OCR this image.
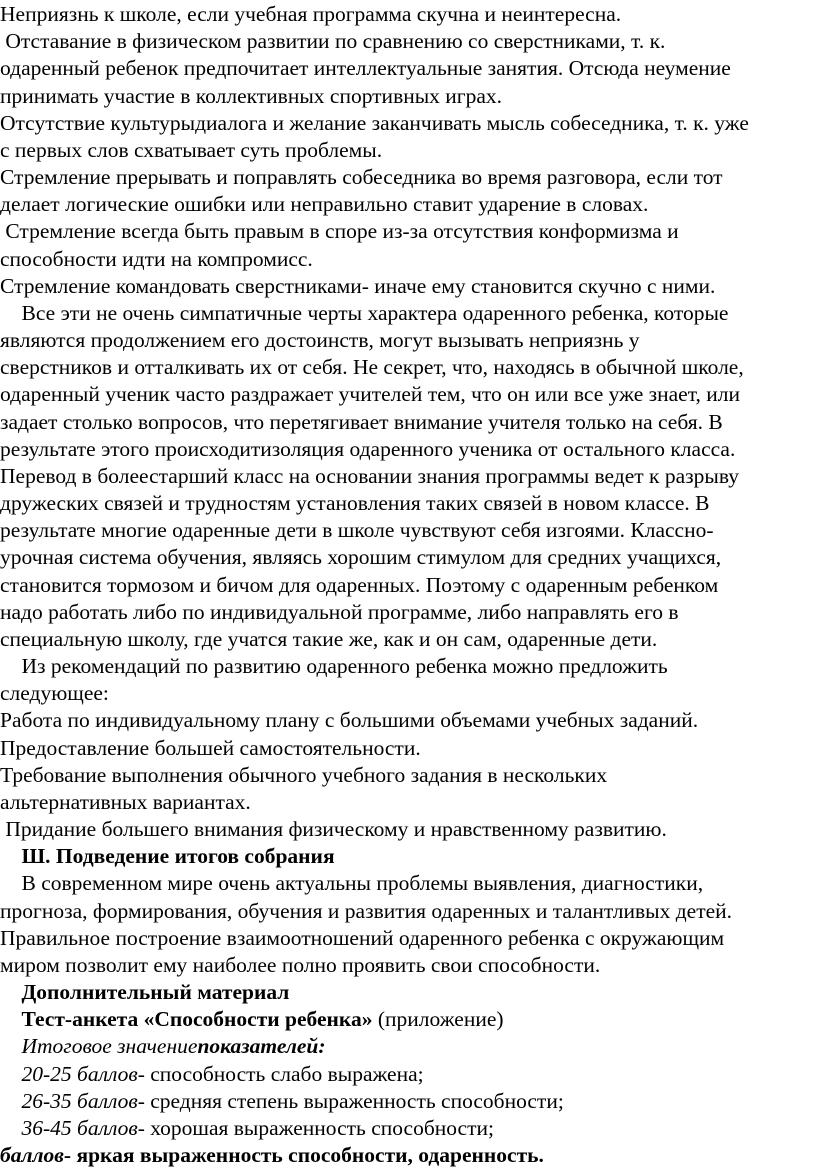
Неприязнь к школе, если учебная программа скучна и неинтересна.
Отставание в физическом развитии по сравнению со сверстниками, т. к.
одаренный ребенок предпочитает интеллектуальные занятия. Отсюда неумение
принимать участие в коллективных спортивных играх.
Отсутствие культурыдиалога и желание заканчивать мысль собеседника, т. к. уже
с первых слов схватывает суть проблемы.
Стремление прерывать и поправлять собеседника во время разговора, если тот
делает логические ошибки или неправильно ставит ударение в словах.
Стремление всегда быть правым в споре из-за отсутствия конформизма и
способности идти на компромисс.
Стремление командовать сверстниками- иначе ему становится скучно с ними.
Все эти не очень симпатичные черты характера одаренного ребенка, которые
являются продолжением его достоинств, могут вызывать неприязнь у
сверстников и отталкивать их от себя. Не секрет, что, находясь в обычной школе,
одаренный ученик часто раздражает учителей тем, что он или все уже знает, или
задает столько вопросов, что перетягивает внимание учителя только на себя. В
результате этого происходитизоляция одаренного ученика от остального класса.
Перевод в болеестарший класс на основании знания программы ведет к разрыву
дружеских связей и трудностям установления таких связей в новом классе. В
результате многие одаренные дети в школе чувствуют себя изгоями. Классно-
урочная система обучения, являясь хорошим стимулом для средних учащихся,
становится тормозом и бичом для одаренных. Поэтому с одаренным ребенком
надо работать либо по индивидуальной программе, либо направлять его в
специальную школу, где учатся такие же, как и он сам, одаренные дети.
Из рекомендаций по развитию одаренного ребенка можно предложить
следующее:
Работа по индивидуальному плану с большими объемами учебных заданий.
Предоставление большей самостоятельности.
Требование выполнения обычного учебного задания в нескольких
альтернативных вариантах.
Придание большего внимания физическому и нравственному развитию.
Ш. Подведение итогов собрания
В современном мире очень актуальны проблемы выявления, диагностики,
прогноза, формирования, обучения и развития одаренных и талантливых детей.
Правильное построение взаимоотношений одаренного ребенка с окружающим
миром позволит ему наиболее полно проявить свои способности.
Дополнительный материал
Тест-анкета «Способности ребенка» (приложение)
Итоговое значениепоказателей:
20-25 баллов- способность слабо выражена;
26-35 баллов- средняя степень выраженность способности;
36-45 баллов- хорошая выраженность способности;
баллов- яркая выраженность способности, одаренность.
